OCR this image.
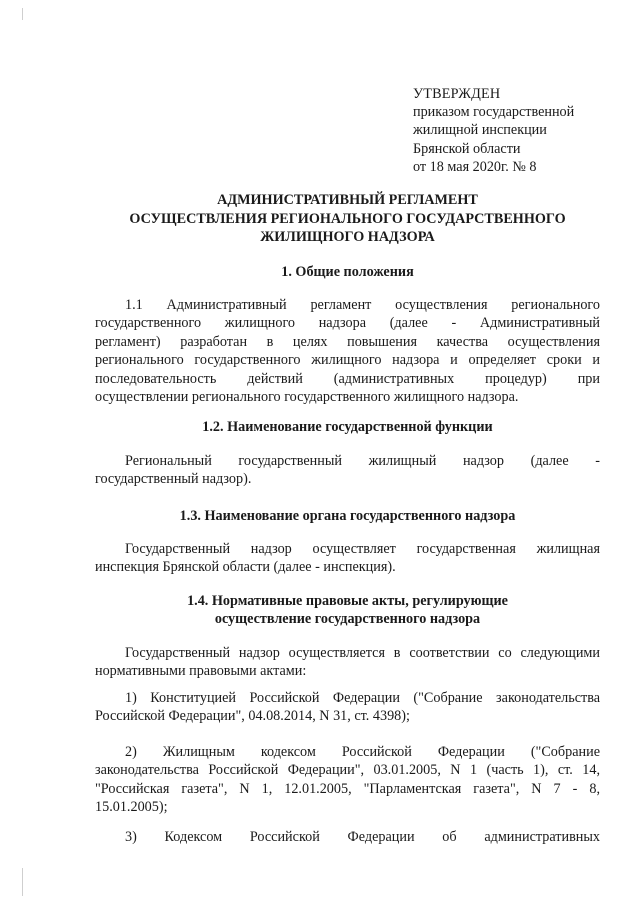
УТВЕРЖДЕН
приказом государственной
жилищной инспекции
Брянской области
от 18 мая 2020г. № 8
АДМИНИСТРАТИВНЫЙ РЕГЛАМЕНТ
ОСУЩЕСТВЛЕНИЯ РЕГИОНАЛЬНОГО ГОСУДАРСТВЕННОГО
ЖИЛИЩНОГО НАДЗОРА
1. Общие положения
1.1 Административный регламент осуществления регионального
государственного жилищного надзора (далее - Административный
регламент) разработан в целях повышения качества осуществления
регионального государственного жилищного надзора и определяет сроки и
последовательность действий (административных процедур) при
осуществлении регионального государственного жилищного надзора.
1.2. Наименование государственной функции
Региональный государственный жилищный надзор (далее -
государственный надзор).
1.3. Наименование органа государственного надзора
Государственный надзор осуществляет государственная жилищная
инспекция Брянской области (далее - инспекция).
1.4. Нормативные правовые акты, регулирующие
осуществление государственного надзора
Государственный надзор осуществляется в соответствии со следующими
нормативными правовыми актами:
1) Конституцией Российской Федерации ("Собрание законодательства
Российской Федерации", 04.08.2014, N 31, ст. 4398);
2) Жилищным кодексом Российской Федерации ("Собрание
законодательства Российской Федерации", 03.01.2005, N 1 (часть 1), ст. 14,
"Российская газета", N 1, 12.01.2005, "Парламентская газета", N 7 - 8,
15.01.2005);
3) Кодексом Российской Федерации об административных
